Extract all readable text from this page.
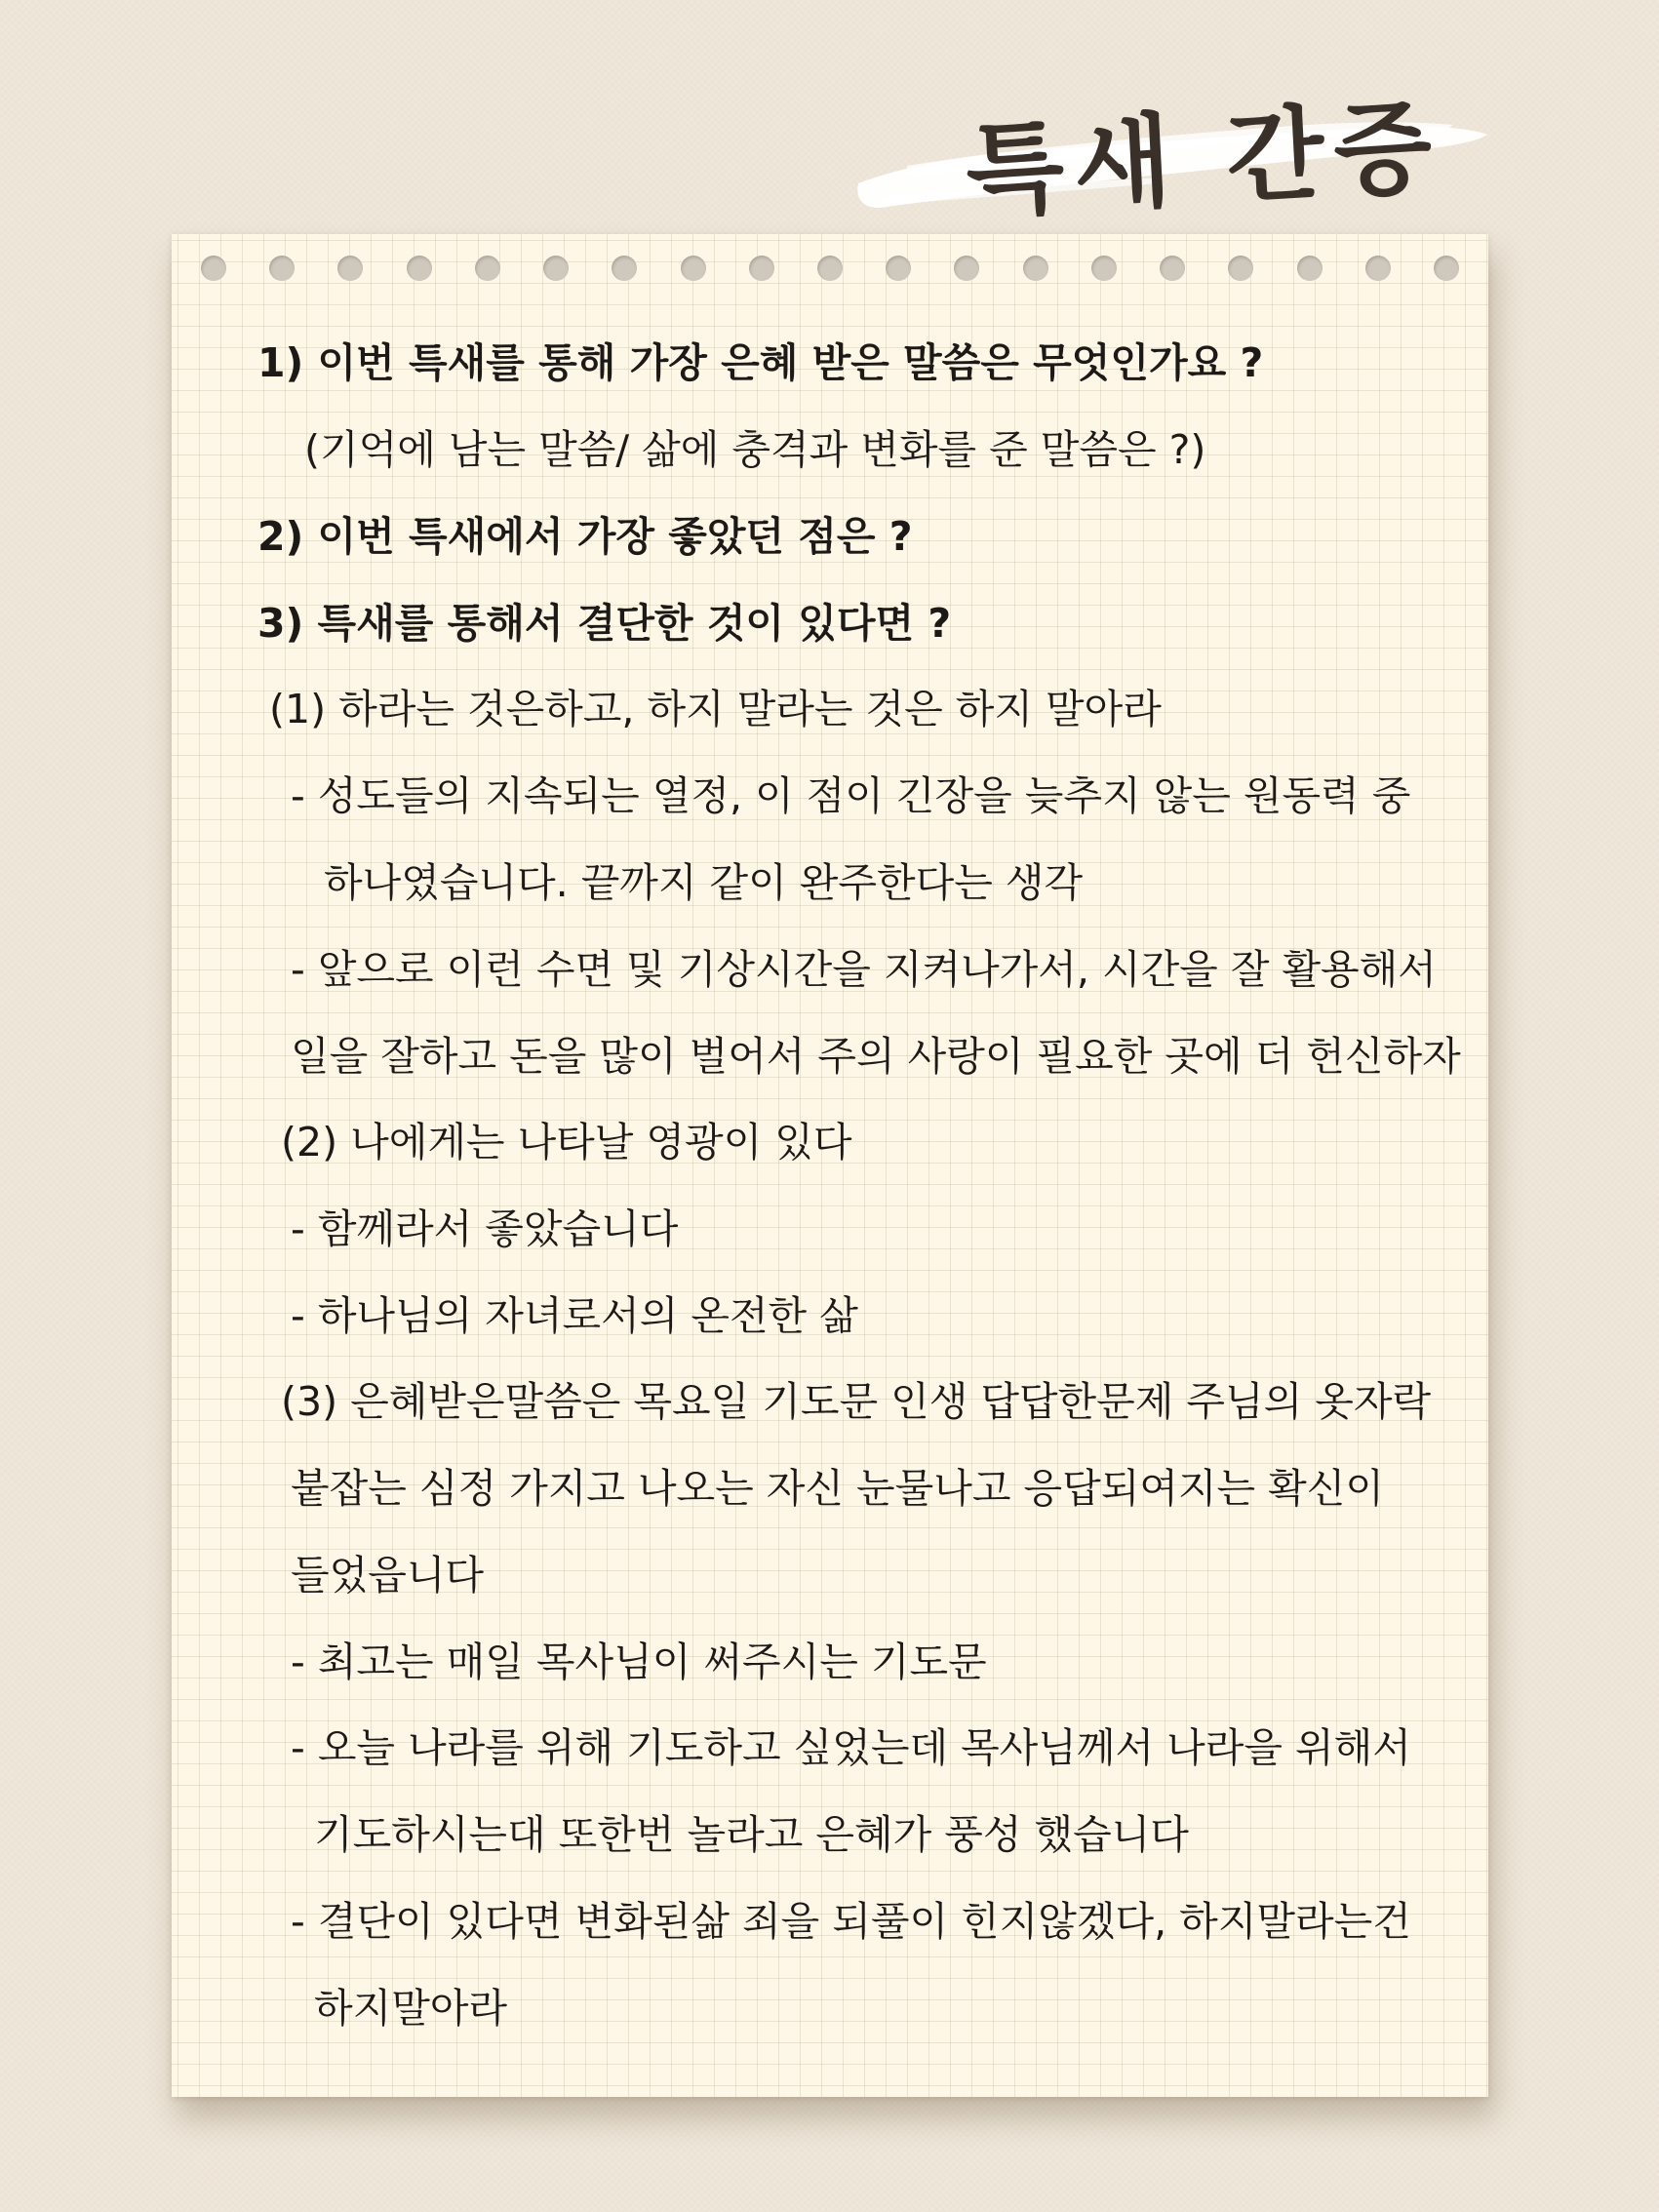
특새 간증

1) 이번 특새를 통해 가장 은혜 받은 말씀은 무엇인가요 ?

(기억에 남는 말씀/ 삶에 충격과 변화를 준 말씀은 ?)

2) 이번 특새에서 가장 좋았던 점은 ?

3) 특새를 통해서 결단한 것이 있다면 ?

(1) 하라는 것은하고, 하지 말라는 것은 하지 말아라

- 성도들의 지속되는 열정, 이 점이 긴장을 늦추지 않는 원동력 중

하나였습니다. 끝까지 같이 완주한다는 생각

- 앞으로 이런 수면 및 기상시간을 지켜나가서, 시간을 잘 활용해서

일을 잘하고 돈을 많이 벌어서 주의 사랑이 필요한 곳에 더 헌신하자

(2) 나에게는 나타날 영광이 있다

- 함께라서 좋았습니다

- 하나님의 자녀로서의 온전한 삶

(3) 은혜받은말씀은 목요일 기도문 인생 답답한문제 주님의 옷자락

붙잡는 심정 가지고 나오는 자신 눈물나고 응답되여지는 확신이

들었읍니다

- 최고는 매일 목사님이 써주시는 기도문

- 오늘 나라를 위해 기도하고 싶었는데 목사님께서 나라을 위해서

기도하시는대 또한번 놀라고 은혜가 풍성 했습니다

- 결단이 있다면 변화된삶 죄을 되풀이 힌지않겠다, 하지말라는건

하지말아라
